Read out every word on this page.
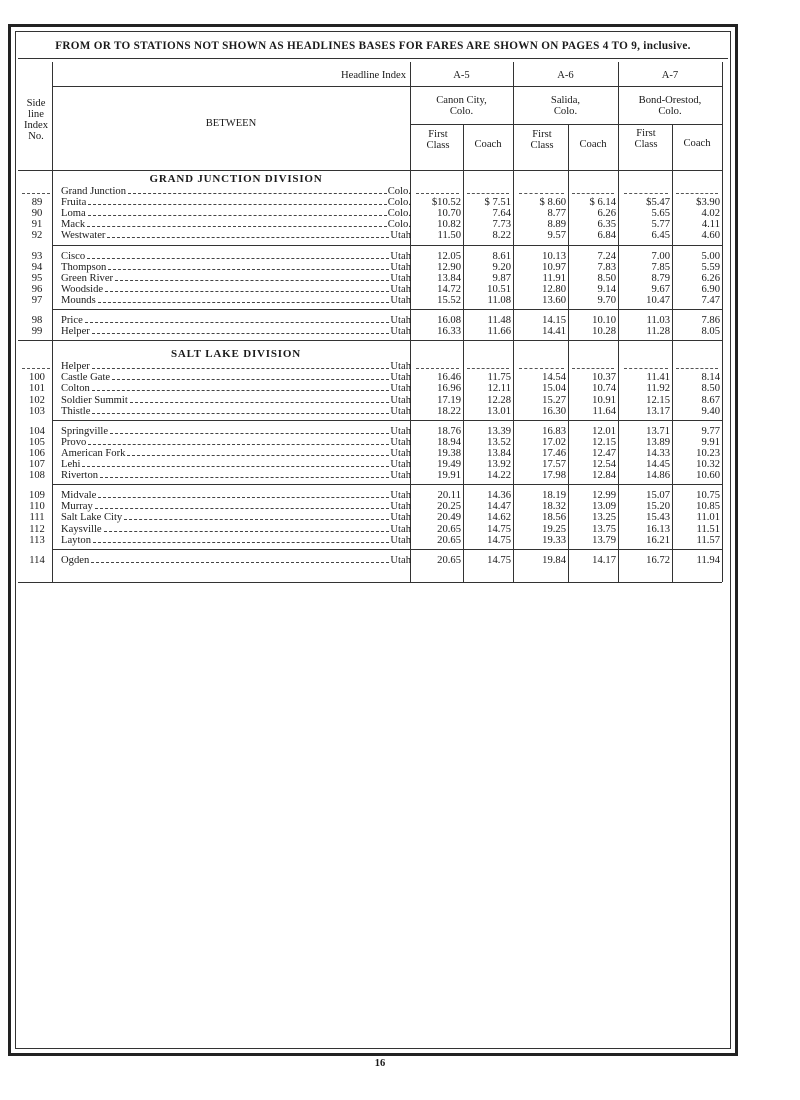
FROM OR TO STATIONS NOT SHOWN AS HEADLINES BASES FOR FARES ARE SHOWN ON PAGES 4 TO 9, inclusive.
Headline Index
Side
line
Index
No.
BETWEEN
A-5
Canon City,
Colo.
A-6
Salida,
Colo.
A-7
Bond-Orestod,
Colo.
First
Class	Coach
First
Class	Coach
First
Class	Coach
GRAND JUNCTION DIVISION
Grand Junction	Colo.
89	Fruita	Colo.	$10.52	$ 7.51	$ 8.60	$ 6.14	$5.47	$3.90
90	Loma	Colo.	10.70	7.64	8.77	6.26	5.65	4.02
91	Mack	Colo.	10.82	7.73	8.89	6.35	5.77	4.11
92	Westwater	Utah	11.50	8.22	9.57	6.84	6.45	4.60
93	Cisco	Utah	12.05	8.61	10.13	7.24	7.00	5.00
94	Thompson	Utah	12.90	9.20	10.97	7.83	7.85	5.59
95	Green River	Utah	13.84	9.87	11.91	8.50	8.79	6.26
96	Woodside	Utah	14.72	10.51	12.80	9.14	9.67	6.90
97	Mounds	Utah	15.52	11.08	13.60	9.70	10.47	7.47
98	Price	Utah	16.08	11.48	14.15	10.10	11.03	7.86
99	Helper	Utah	16.33	11.66	14.41	10.28	11.28	8.05
SALT LAKE DIVISION
Helper	Utah
100	Castle Gate	Utah	16.46	11.75	14.54	10.37	11.41	8.14
101	Colton	Utah	16.96	12.11	15.04	10.74	11.92	8.50
102	Soldier Summit	Utah	17.19	12.28	15.27	10.91	12.15	8.67
103	Thistle	Utah	18.22	13.01	16.30	11.64	13.17	9.40
104	Springville	Utah	18.76	13.39	16.83	12.01	13.71	9.77
105	Provo	Utah	18.94	13.52	17.02	12.15	13.89	9.91
106	American Fork	Utah	19.38	13.84	17.46	12.47	14.33	10.23
107	Lehi	Utah	19.49	13.92	17.57	12.54	14.45	10.32
108	Riverton	Utah	19.91	14.22	17.98	12.84	14.86	10.60
109	Midvale	Utah	20.11	14.36	18.19	12.99	15.07	10.75
110	Murray	Utah	20.25	14.47	18.32	13.09	15.20	10.85
111	Salt Lake City	Utah	20.49	14.62	18.56	13.25	15.43	11.01
112	Kaysville	Utah	20.65	14.75	19.25	13.75	16.13	11.51
113	Layton	Utah	20.65	14.75	19.33	13.79	16.21	11.57
114	Ogden	Utah	20.65	14.75	19.84	14.17	16.72	11.94
16
